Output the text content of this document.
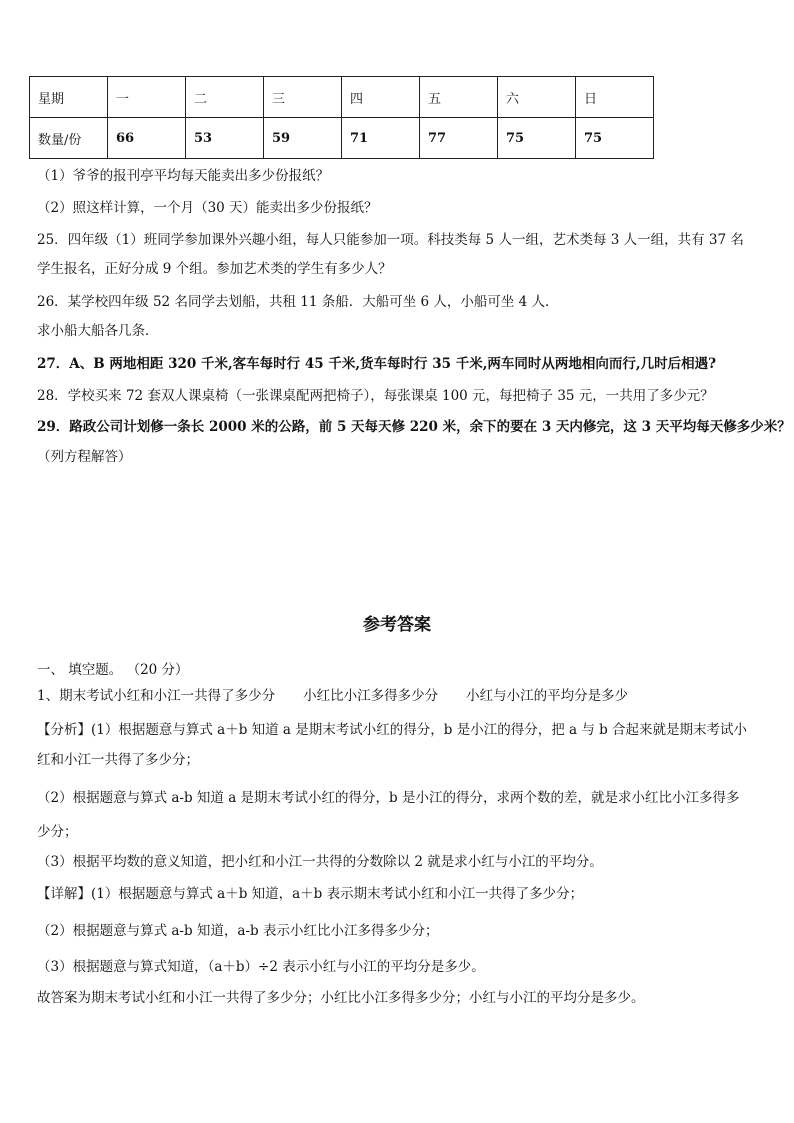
星期	一	二	三	四	五	六	日
数量/份	66	53	59	71	77	75	75
（1）爷爷的报刊亭平均每天能卖出多少份报纸？
（2）照这样计算，一个月（30 天）能卖出多少份报纸？
25．四年级（1）班同学参加课外兴趣小组，每人只能参加一项。科技类每 5 人一组，艺术类每 3 人一组，共有 37 名
学生报名，正好分成 9 个组。参加艺术类的学生有多少人？
26．某学校四年级 52 名同学去划船，共租 11 条船．大船可坐 6 人，小船可坐 4 人．
求小船大船各几条．
27．A、B 两地相距 320 千米,客车每时行 45 千米,货车每时行 35 千米,两车同时从两地相向而行,几时后相遇?
28．学校买来 72 套双人课桌椅（一张课桌配两把椅子），每张课桌 100 元，每把椅子 35 元，一共用了多少元？
29．路政公司计划修一条长 2000 米的公路，前 5 天每天修 220 米，余下的要在 3 天内修完，这 3 天平均每天修多少米？
（列方程解答）
参考答案
一、 填空题。 （20 分）
1、期末考试小红和小江一共得了多少分 小红比小江多得多少分 小红与小江的平均分是多少
【分析】(1）根据题意与算式 a＋b 知道 a 是期末考试小红的得分，b 是小江的得分，把 a 与 b 合起来就是期末考试小
红和小江一共得了多少分；
（2）根据题意与算式 a-b 知道 a 是期末考试小红的得分，b 是小江的得分，求两个数的差，就是求小红比小江多得多
少分；
（3）根据平均数的意义知道，把小红和小江一共得的分数除以 2 就是求小红与小江的平均分。
【详解】(1）根据题意与算式 a＋b 知道，a＋b 表示期末考试小红和小江一共得了多少分；
（2）根据题意与算式 a-b 知道，a-b 表示小红比小江多得多少分；
（3）根据题意与算式知道，（a＋b）÷2 表示小红与小江的平均分是多少。
故答案为期末考试小红和小江一共得了多少分；小红比小江多得多少分；小红与小江的平均分是多少。
